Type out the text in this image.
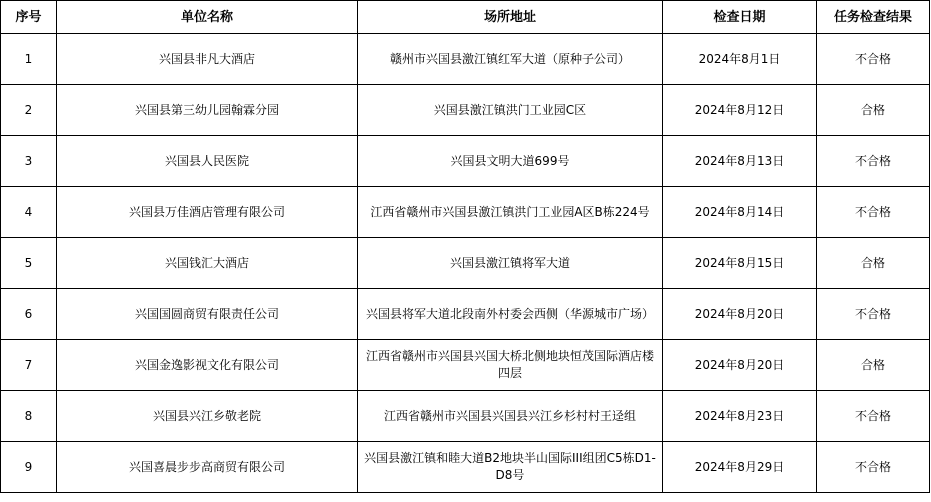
序号	单位名称	场所地址	检查日期	任务检查结果
1	兴国县非凡大酒店	赣州市兴国县激江镇红军大道（原种子公司）	2024年8月1日	不合格
2	兴国县第三幼儿园翰霖分园	兴国县激江镇洪门工业园C区	2024年8月12日	合格
3	兴国县人民医院	兴国县文明大道699号	2024年8月13日	不合格
4	兴国县万佳酒店管理有限公司	江西省赣州市兴国县激江镇洪门工业园A区B栋224号	2024年8月14日	不合格
5	兴国钱汇大酒店	兴国县激江镇将军大道	2024年8月15日	合格
6	兴国国圆商贸有限责任公司	兴国县将军大道北段南外村委会西侧（华源城市广场）	2024年8月20日	不合格
7	兴国金逸影视文化有限公司	江西省赣州市兴国县兴国大桥北侧地块恒茂国际酒店楼四层	2024年8月20日	合格
8	兴国县兴江乡敬老院	江西省赣州市兴国县兴国县兴江乡杉村村王迳组	2024年8月23日	不合格
9	兴国喜晨步步高商贸有限公司	兴国县激江镇和睦大道B2地块半山国际III组团C5栋D1-D8号	2024年8月29日	不合格
